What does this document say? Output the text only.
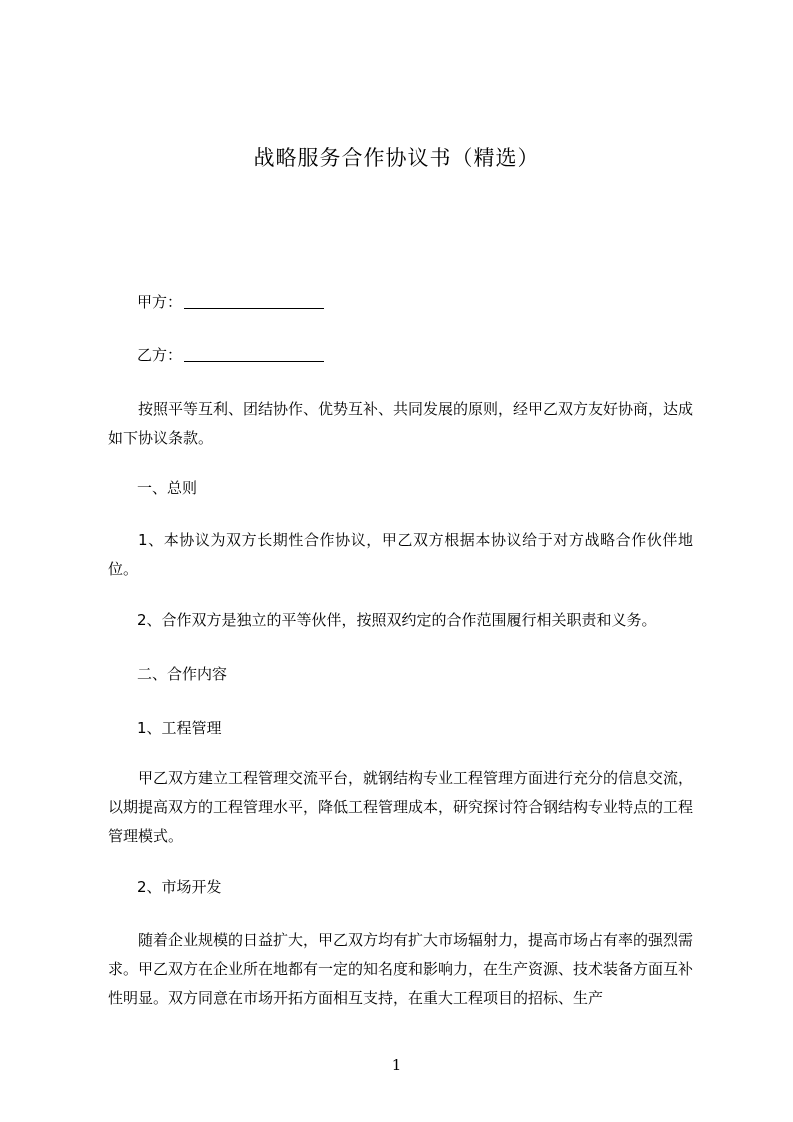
战略服务合作协议书（精选）
甲方：
乙方：
按照平等互利、团结协作、优势互补、共同发展的原则，经甲乙双方友好协商，达成如下协议条款。
一、总则
1、本协议为双方长期性合作协议，甲乙双方根据本协议给于对方战略合作伙伴地位。
2、合作双方是独立的平等伙伴，按照双约定的合作范围履行相关职责和义务。
二、合作内容
1、工程管理
甲乙双方建立工程管理交流平台，就钢结构专业工程管理方面进行充分的信息交流，以期提高双方的工程管理水平，降低工程管理成本，研究探讨符合钢结构专业特点的工程管理模式。
2、市场开发
随着企业规模的日益扩大，甲乙双方均有扩大市场辐射力，提高市场占有率的强烈需求。甲乙双方在企业所在地都有一定的知名度和影响力，在生产资源、技术装备方面互补性明显。双方同意在市场开拓方面相互支持，在重大工程项目的招标、生产
1
